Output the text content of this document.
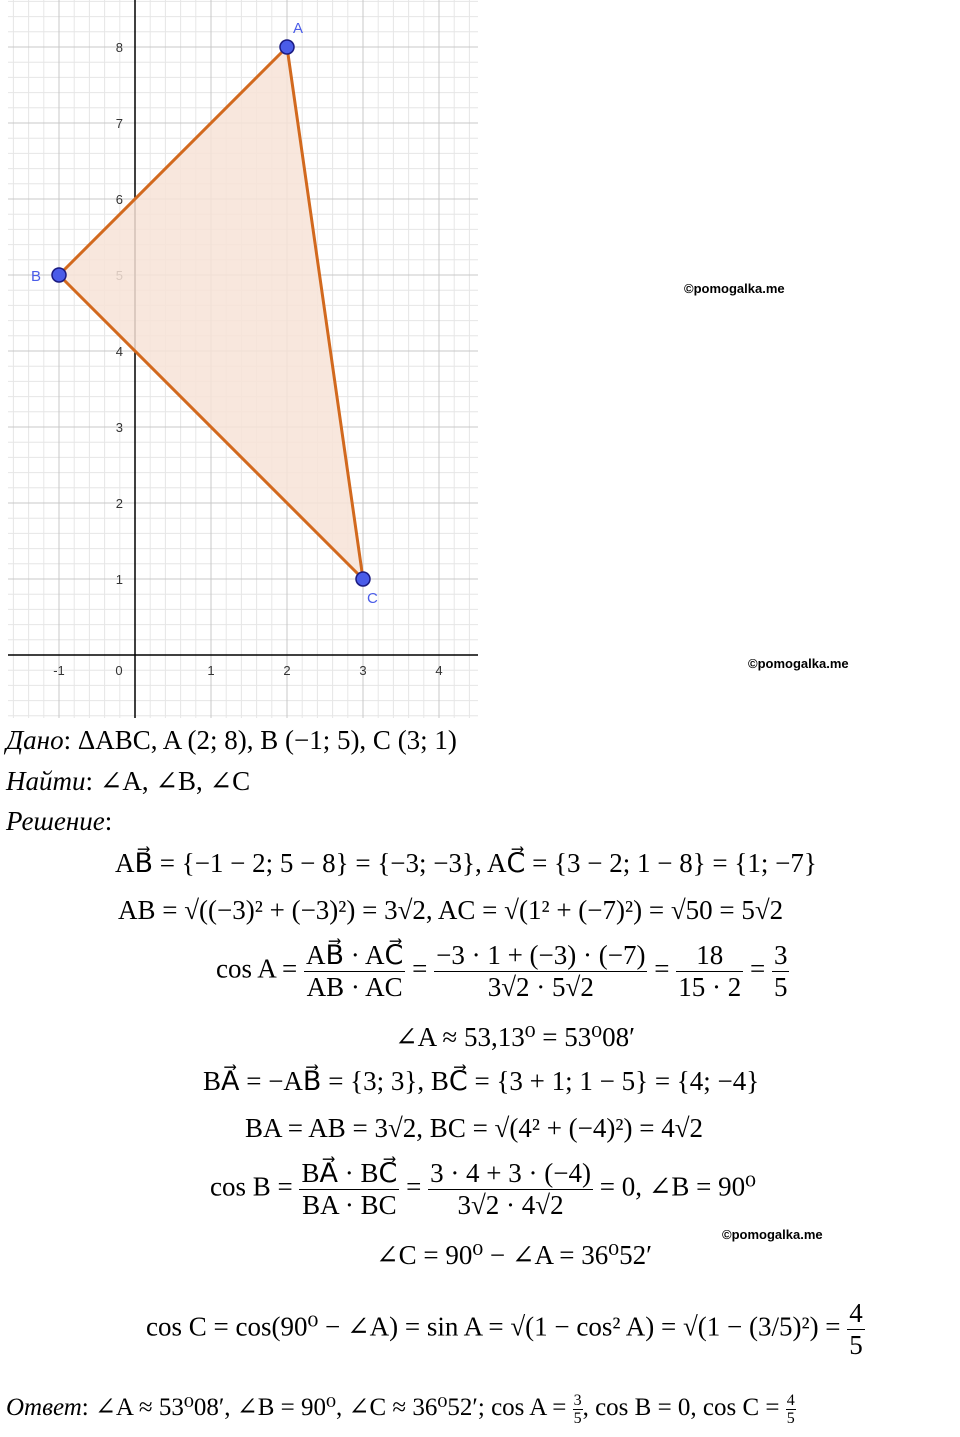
-1	0	1	2	3	4
1
2
3
4
6
7
8
A
B
C
©pomogalka.me
©pomogalka.me
©pomogalka.me
Дано: ΔABC, A (2; 8), B (−1; 5), C (3; 1)
Найти: ∠A, ∠B, ∠C
Решение:
AB⃗ = {−1 − 2; 5 − 8} = {−3; −3}, AC⃗ = {3 − 2; 1 − 8} = {1; −7}
AB = √((−3)² + (−3)²) = 3√2, AC = √(1² + (−7)²) = √50 = 5√2
$\cos A = \frac{AB⃗ \cdot AC⃗}{AB \cdot AC} = \frac{-3 \cdot 1 + (-3) \cdot (-7)}{3√2 \cdot 5√2} = \frac{18}{15 \cdot 2} = \frac{3}{5}$
∠A ≈ 53,13⁰ = 53⁰08′
BA⃗ = −AB⃗ = {3; 3}, BC⃗ = {3 + 1; 1 − 5} = {4; −4}
BA = AB = 3√2, BC = √(4² + (−4)²) = 4√2
$\cos B = \frac{BA⃗ \cdot BC⃗}{BA \cdot BC} = \frac{3 \cdot 4 + 3 \cdot (-4)}{3√2 \cdot 4√2} = 0$, ∠B = 90⁰
∠C = 90⁰ − ∠A = 36⁰52′
cos C = cos(90⁰ − ∠A) = sin A = √(1 − cos² $A) = √(1 - (3/5)^2) = \frac{4}{5}$
Ответ: ∠A ≈ 53⁰08′, ∠B = 90⁰, ∠C ≈ 36⁰52′; $\cos A = \frac{3}{5}$ , cos B = 0, $\cos C = \frac{4}{5}$
